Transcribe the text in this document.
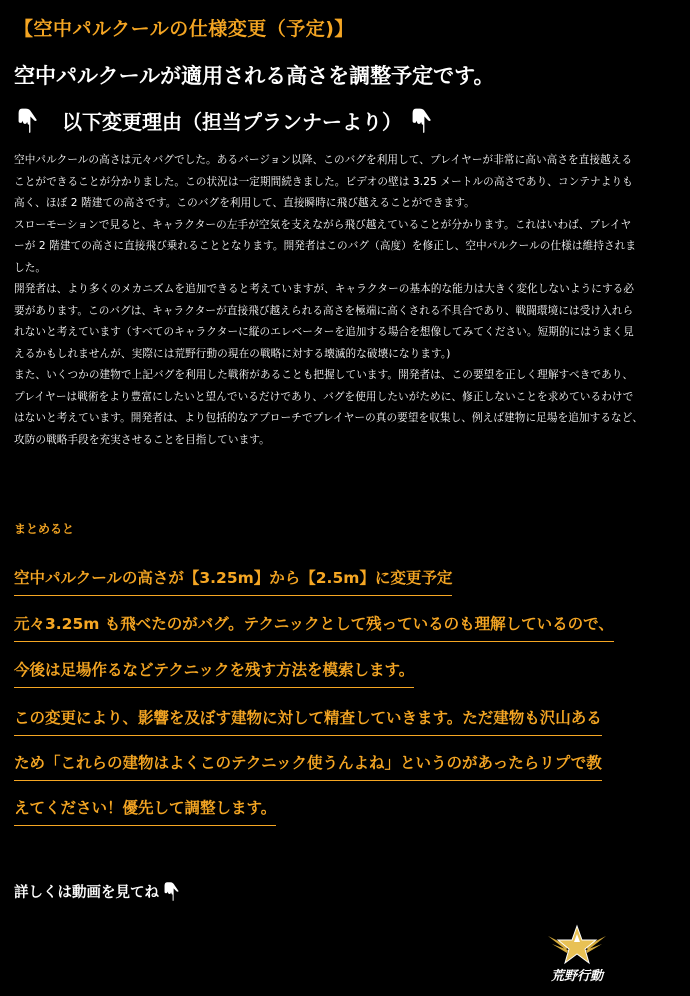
【空中パルクールの仕様変更（予定)】
空中パルクールが適用される高さを調整予定です。
以下変更理由（担当プランナーより）
空中パルクールの高さは元々バグでした。あるバージョン以降、このバグを利用して、プレイヤーが非常に高い高さを直接越える
ことができることが分かりました。この状況は一定期間続きました。ビデオの壁は 3.25 メートルの高さであり、コンテナよりも
高く、ほぼ 2 階建ての高さです。このバグを利用して、直接瞬時に飛び越えることができます。
スローモーションで見ると、キャラクターの左手が空気を支えながら飛び越えていることが分かります。これはいわば、プレイヤ
ーが 2 階建ての高さに直接飛び乗れることとなります。開発者はこのバグ（高度）を修正し、空中パルクールの仕様は維持されま
した。
開発者は、より多くのメカニズムを追加できると考えていますが、キャラクターの基本的な能力は大きく変化しないようにする必
要があります。このバグは、キャラクターが直接飛び越えられる高さを極端に高くされる不具合であり、戦闘環境には受け入れら
れないと考えています（すべてのキャラクターに縦のエレベーターを追加する場合を想像してみてください。短期的にはうまく見
えるかもしれませんが、実際には荒野行動の現在の戦略に対する壊滅的な破壊になります。)
また、いくつかの建物で上記バグを利用した戦術があることも把握しています。開発者は、この要望を正しく理解すべきであり、
プレイヤーは戦術をより豊富にしたいと望んでいるだけであり、バグを使用したいがために、修正しないことを求めているわけで
はないと考えています。開発者は、より包括的なアプローチでプレイヤーの真の要望を収集し、例えば建物に足場を追加するなど、
攻防の戦略手段を充実させることを目指しています。
まとめると
空中パルクールの高さが【3.25m】から【2.5m】に変更予定
元々3.25m も飛べたのがバグ。テクニックとして残っているのも理解しているので、
今後は足場作るなどテクニックを残す方法を模索します。
この変更により、影響を及ぼす建物に対して精査していきます。ただ建物も沢山ある
ため「これらの建物はよくこのテクニック使うんよね」というのがあったらリプで教
えてください！優先して調整します。
詳しくは動画を見てね
荒野行動
